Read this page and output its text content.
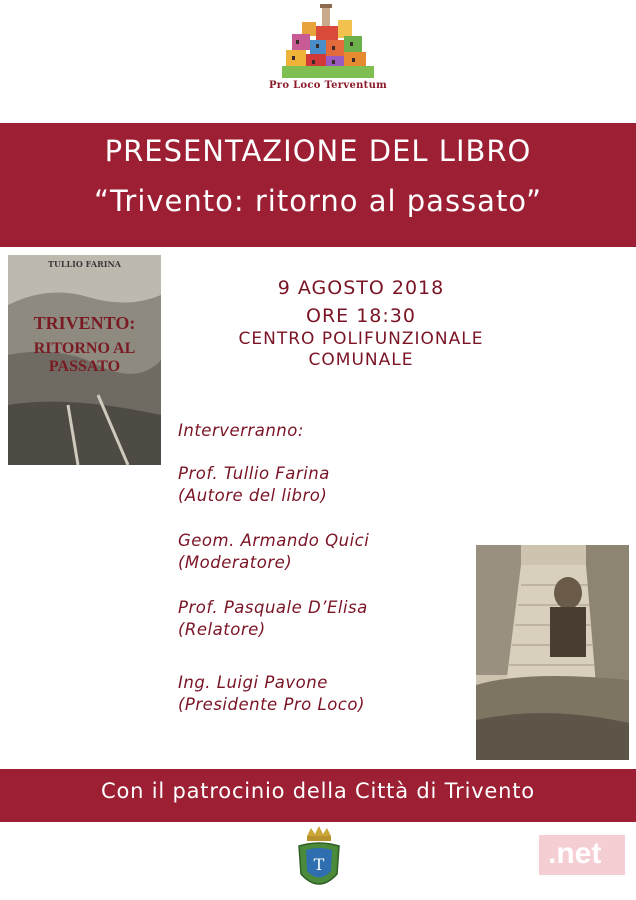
Pro Loco Terventum
PRESENTAZIONE DEL LIBRO
“Trivento: ritorno al passato”
TULLIO FARINA
TRIVENTO:
RITORNO AL PASSATO
9 AGOSTO 2018
ORE 18:30
CENTRO POLIFUNZIONALE
COMUNALE
Interverranno:
Prof. Tullio Farina
(Autore del libro)
Geom. Armando Quici
(Moderatore)
Prof. Pasquale D’Elisa
(Relatore)
Ing. Luigi Pavone
(Presidente Pro Loco)
Con il patrocinio della Città di Trivento
T	.net
